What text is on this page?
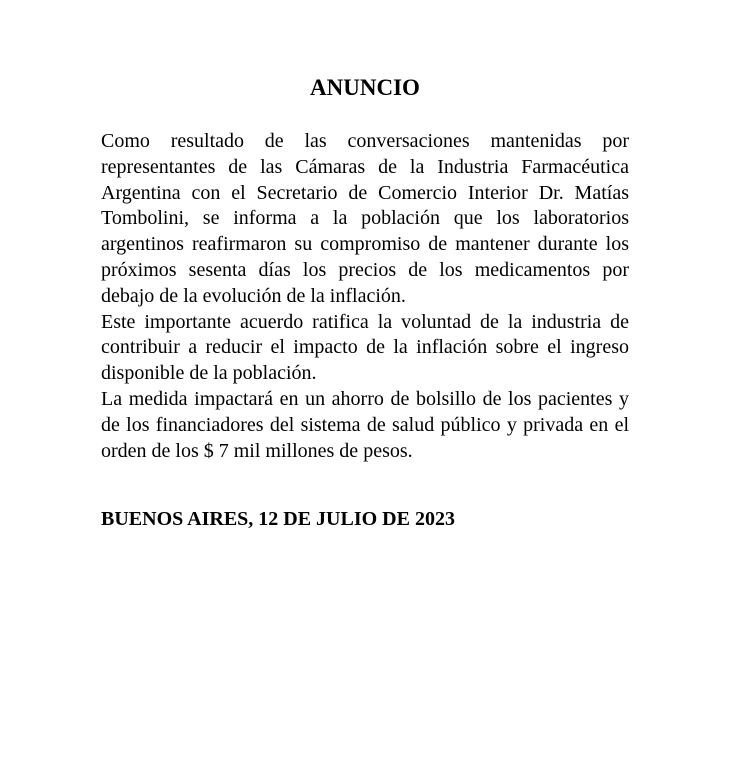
ANUNCIO

Como resultado de las conversaciones mantenidas por representantes de las Cámaras de la Industria Farmacéutica Argentina con el Secretario de Comercio Interior Dr. Matías Tombolini, se informa a la población que los laboratorios argentinos reafirmaron su compromiso de mantener durante los próximos sesenta días los precios de los medicamentos por debajo de la evolución de la inflación.

Este importante acuerdo ratifica la voluntad de la industria de contribuir a reducir el impacto de la inflación sobre el ingreso disponible de la población.

La medida impactará en un ahorro de bolsillo de los pacientes y de los financiadores del sistema de salud público y privada en el orden de los $ 7 mil millones de pesos.

BUENOS AIRES, 12 DE JULIO DE 2023
